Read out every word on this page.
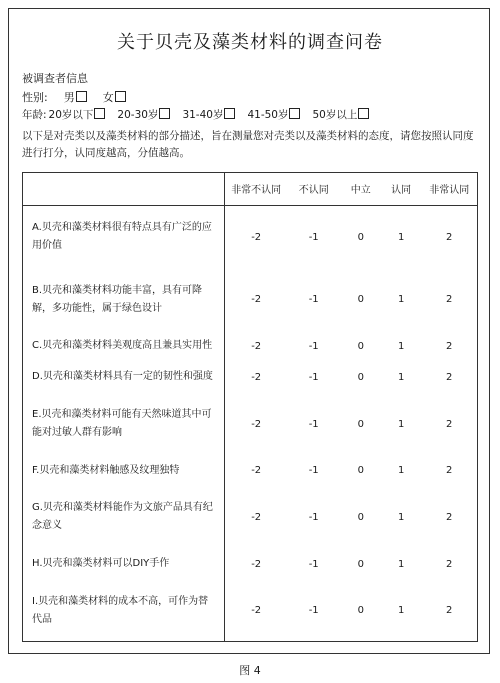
关于贝壳及藻类材料的调查问卷
被调查者信息
性别: 男	女
年龄: 20岁以下	20-30岁	31-40岁	41-50岁	50岁以上
以下是对壳类以及藻类材料的部分描述，旨在测量您对壳类以及藻类材料的态度，请您按照认同度进行打分，认同度越高，分值越高。
	非常不认同	不认同	中立	认同	非常认同
A.贝壳和藻类材料很有特点具有广泛的应用价值	-2	-1	0	1	2
B.贝壳和藻类材料功能丰富，具有可降解，多功能性，属于绿色设计	-2	-1	0	1	2
C.贝壳和藻类材料美观度高且兼具实用性	-2	-1	0	1	2
D.贝壳和藻类材料具有一定的韧性和强度	-2	-1	0	1	2
E.贝壳和藻类材料可能有天然味道其中可能对过敏人群有影响	-2	-1	0	1	2
F.贝壳和藻类材料触感及纹理独特	-2	-1	0	1	2
G.贝壳和藻类材料能作为文旅产品具有纪念意义	-2	-1	0	1	2
H.贝壳和藻类材料可以DIY手作	-2	-1	0	1	2
I.贝壳和藻类材料的成本不高，可作为替代品	-2	-1	0	1	2

图 4
